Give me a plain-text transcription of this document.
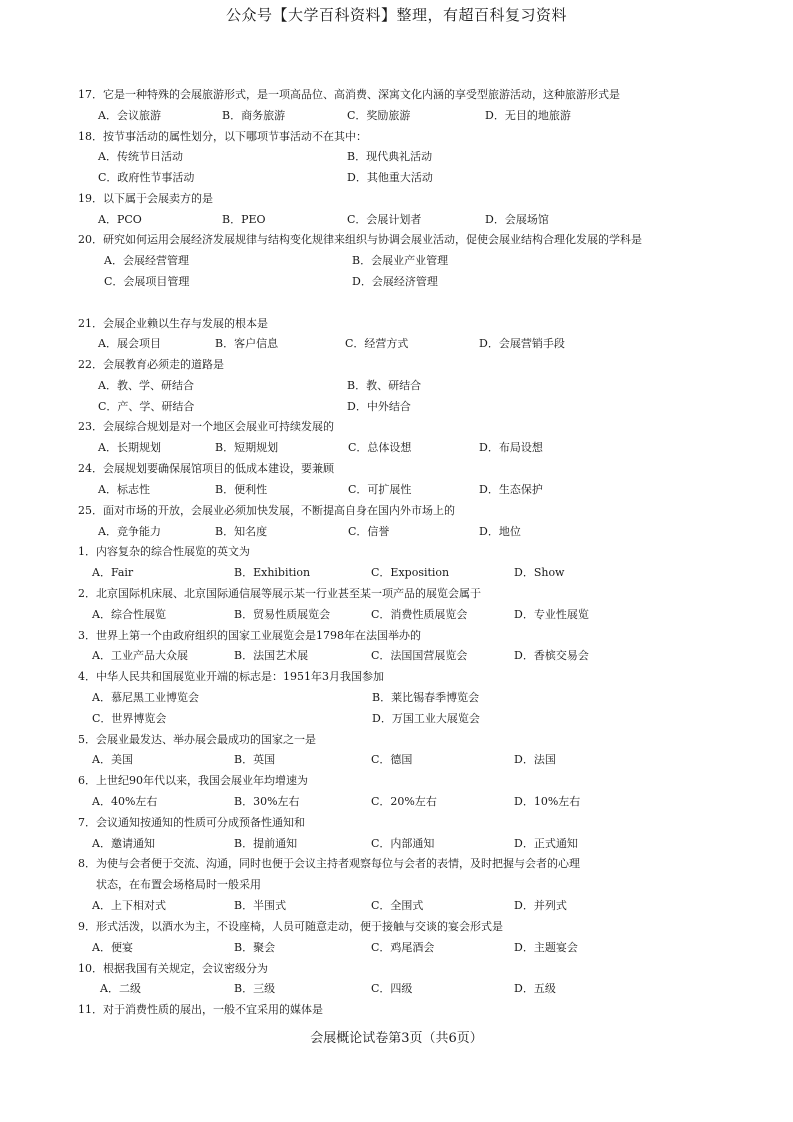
公众号【大学百科资料】整理，有超百科复习资料
17．它是一种特殊的会展旅游形式，是一项高品位、高消费、深寓文化内涵的享受型旅游活动，这种旅游形式是
A．会议旅游	B．商务旅游	C．奖励旅游	D．无目的地旅游
18．按节事活动的属性划分，以下哪项节事活动不在其中：
A．传统节日活动	B．现代典礼活动
C．政府性节事活动	D．其他重大活动
19．以下属于会展卖方的是
A．PCO	B．PEO	C．会展计划者	D．会展场馆
20．研究如何运用会展经济发展规律与结构变化规律来组织与协调会展业活动，促使会展业结构合理化发展的学科是
A．会展经营管理	B．会展业产业管理
C．会展项目管理	D．会展经济管理
21．会展企业赖以生存与发展的根本是
A．展会项目	B．客户信息	C．经营方式	D．会展营销手段
22．会展教育必须走的道路是
A．教、学、研结合	B．教、研结合
C．产、学、研结合	D．中外结合
23．会展综合规划是对一个地区会展业可持续发展的
A．长期规划	B．短期规划	C．总体设想	D．布局设想
24．会展规划要确保展馆项目的低成本建设，要兼顾
A．标志性	B．便利性	C．可扩展性	D．生态保护
25．面对市场的开放，会展业必须加快发展，不断提高自身在国内外市场上的
A．竞争能力	B．知名度	C．信誉	D．地位
1．内容复杂的综合性展览的英文为
A．Fair	B．Exhibition	C．Exposition	D．Show
2．北京国际机床展、北京国际通信展等展示某一行业甚至某一项产品的展览会属于
A．综合性展览	B．贸易性质展览会	C．消费性质展览会	D．专业性展览
3．世界上第一个由政府组织的国家工业展览会是1798年在法国举办的
A．工业产品大众展	B．法国艺术展	C．法国国营展览会	D．香槟交易会
4．中华人民共和国展览业开端的标志是：1951年3月我国参加
A．慕尼黑工业博览会	B．莱比锡春季博览会
C．世界博览会	D．万国工业大展览会
5．会展业最发达、举办展会最成功的国家之一是
A．美国	B．英国	C．德国	D．法国
6．上世纪90年代以来，我国会展业年均增速为
A．40%左右	B．30%左右	C．20%左右	D．10%左右
7．会议通知按通知的性质可分成预备性通知和
A．邀请通知	B．提前通知	C．内部通知	D．正式通知
8．为使与会者便于交流、沟通，同时也便于会议主持者观察每位与会者的表情，及时把握与会者的心理
状态，在布置会场格局时一般采用
A．上下相对式	B．半围式	C．全围式	D．并列式
9．形式活泼，以酒水为主，不设座椅，人员可随意走动，便于接触与交谈的宴会形式是
A．便宴	B．聚会	C．鸡尾酒会	D．主题宴会
10．根据我国有关规定，会议密级分为
A．二级	B．三级	C．四级	D．五级
11．对于消费性质的展出，一般不宜采用的媒体是
会展概论试卷第3页（共6页）
